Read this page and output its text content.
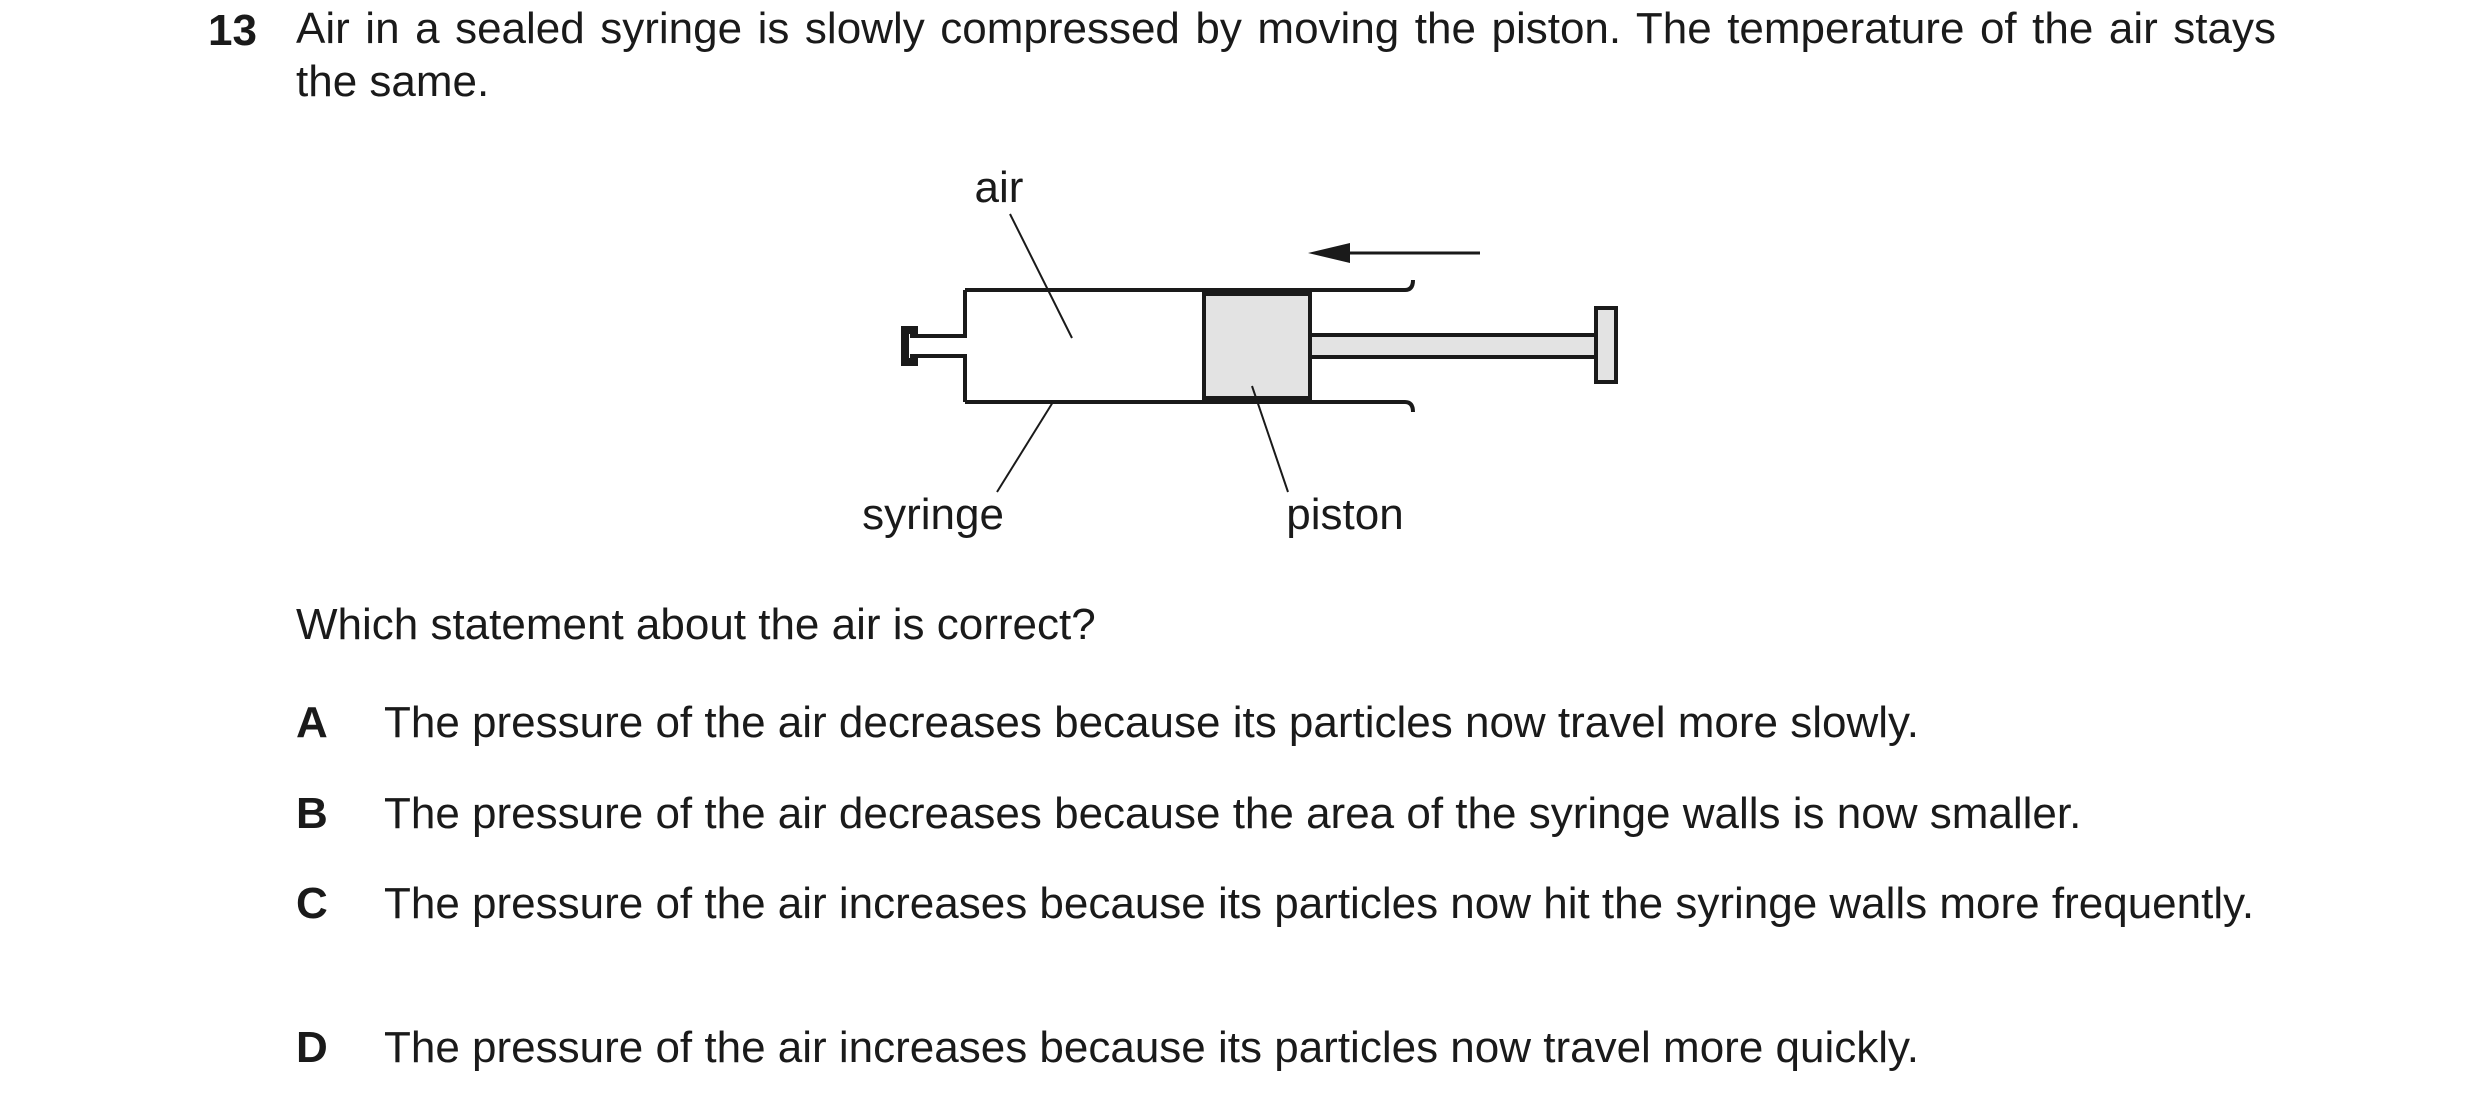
13 Air in a sealed syringe is slowly compressed by moving the piston. The temperature of the air stays the same.
air
syringe	piston
Which statement about the air is correct?
A The pressure of the air decreases because its particles now travel more slowly.
B The pressure of the air decreases because the area of the syringe walls is now smaller.
C The pressure of the air increases because its particles now hit the syringe walls more frequently.
D The pressure of the air increases because its particles now travel more quickly.
